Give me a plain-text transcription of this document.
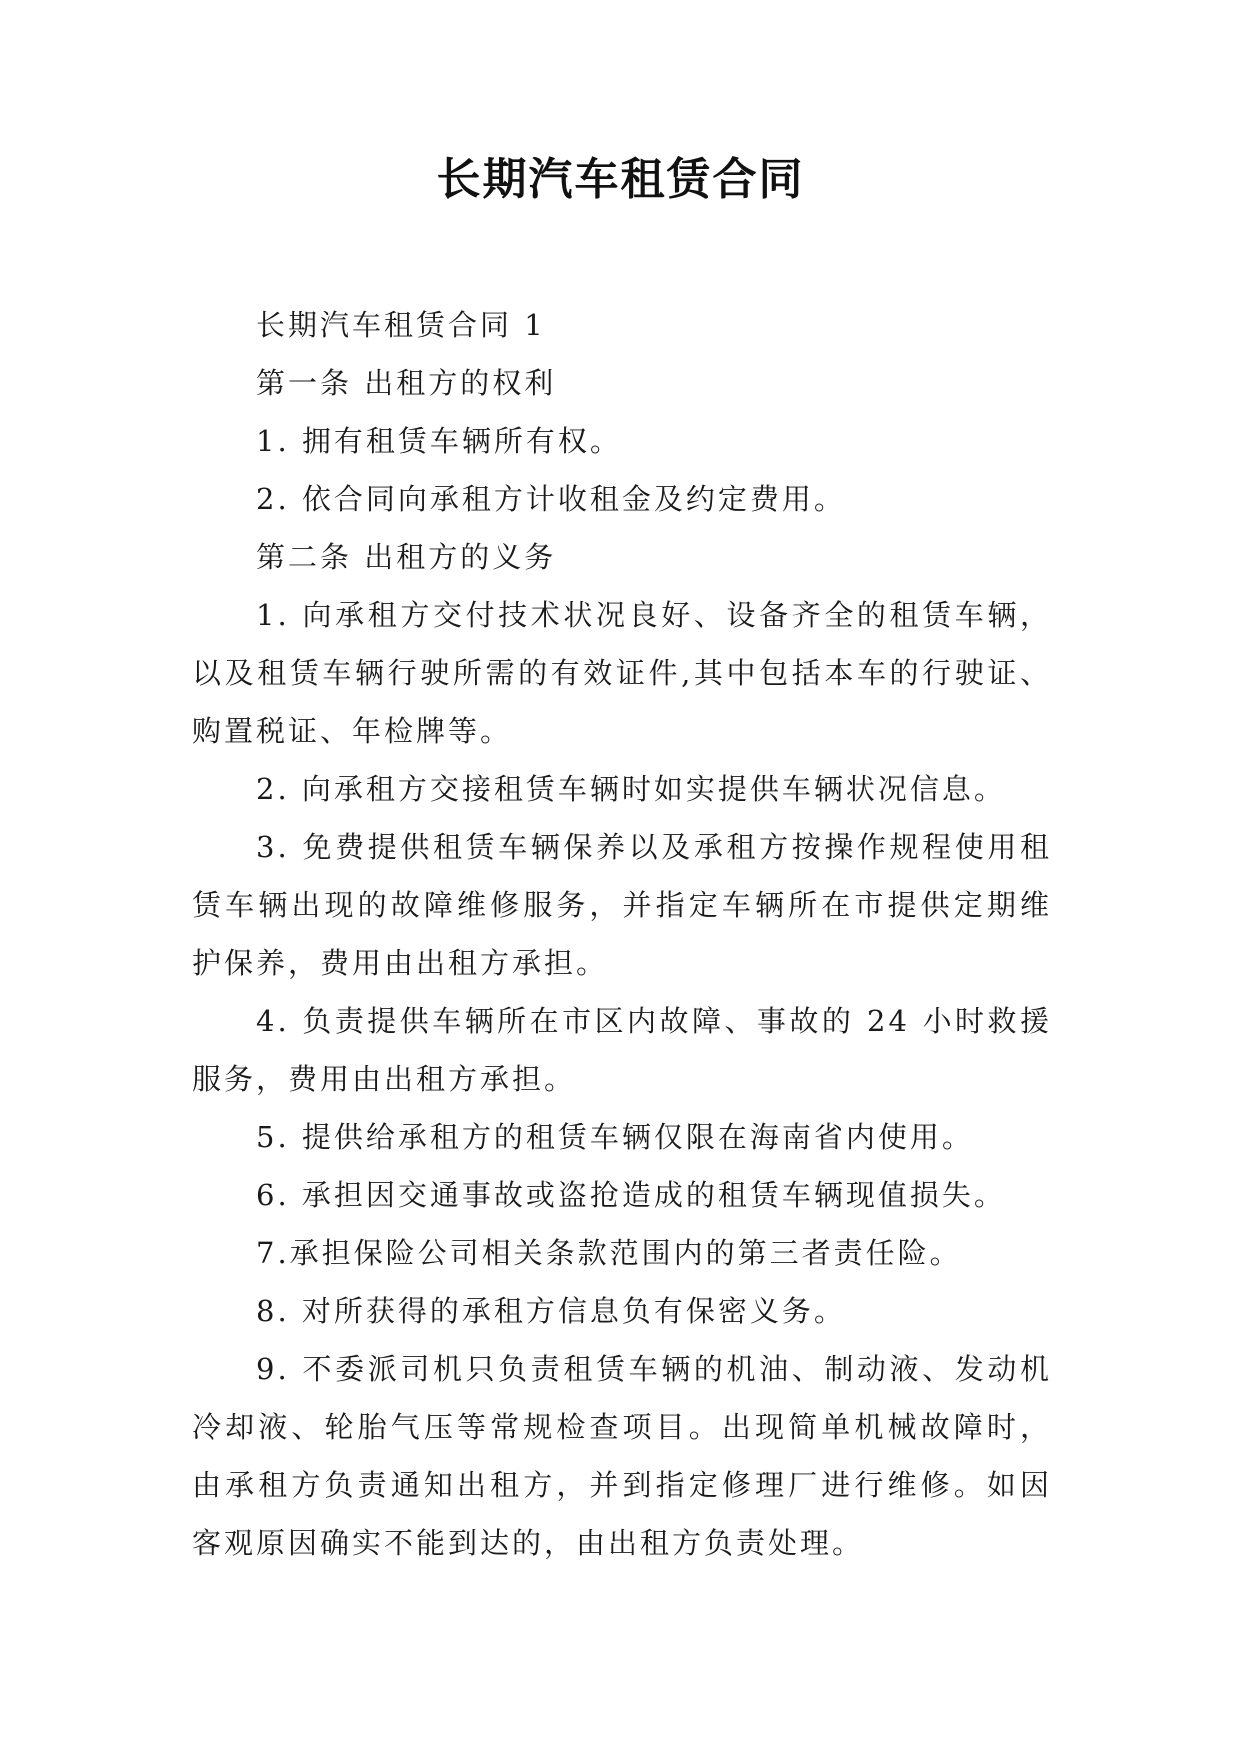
长期汽车租赁合同

长期汽车租赁合同 1

第一条 出租方的权利

1. 拥有租赁车辆所有权。

2. 依合同向承租方计收租金及约定费用。

第二条 出租方的义务

1. 向承租方交付技术状况良好、设备齐全的租赁车辆，以及租赁车辆行驶所需的有效证件,其中包括本车的行驶证、购置税证、年检牌等。

2. 向承租方交接租赁车辆时如实提供车辆状况信息。

3. 免费提供租赁车辆保养以及承租方按操作规程使用租赁车辆出现的故障维修服务，并指定车辆所在市提供定期维护保养，费用由出租方承担。

4. 负责提供车辆所在市区内故障、事故的 24 小时救援服务，费用由出租方承担。

5. 提供给承租方的租赁车辆仅限在海南省内使用。

6. 承担因交通事故或盗抢造成的租赁车辆现值损失。

7.承担保险公司相关条款范围内的第三者责任险。

8. 对所获得的承租方信息负有保密义务。

9. 不委派司机只负责租赁车辆的机油、制动液、发动机冷却液、轮胎气压等常规检查项目。出现简单机械故障时，由承租方负责通知出租方，并到指定修理厂进行维修。如因客观原因确实不能到达的，由出租方负责处理。
